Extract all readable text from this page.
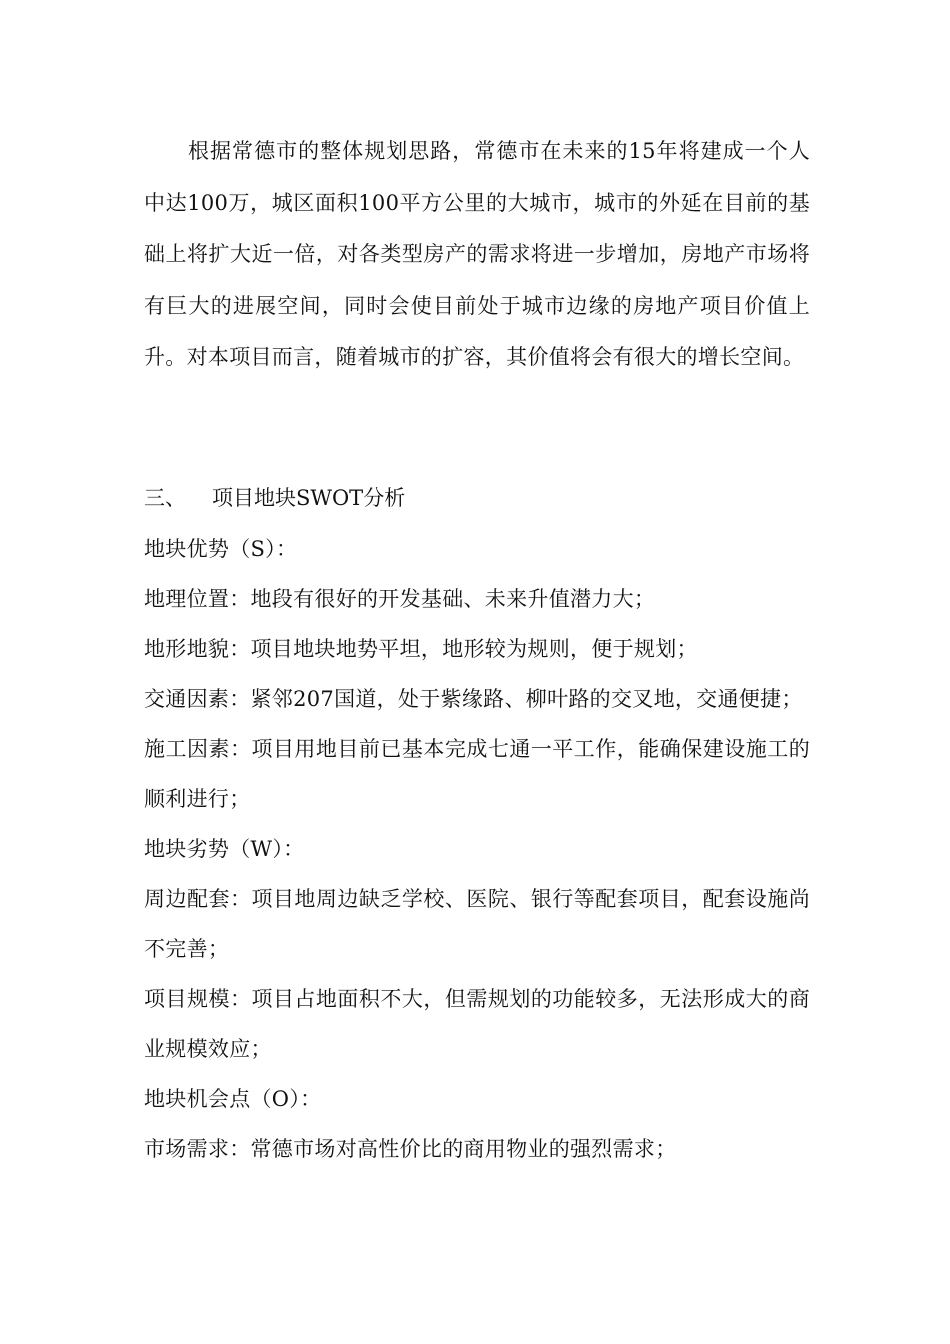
根据常德市的整体规划思路，常德市在未来的15年将建成一个人中达100万，城区面积100平方公里的大城市，城市的外延在目前的基础上将扩大近一倍，对各类型房产的需求将进一步增加，房地产市场将有巨大的进展空间，同时会使目前处于城市边缘的房地产项目价值上升。对本项目而言，随着城市的扩容，其价值将会有很大的增长空间。

三、 项目地块SWOT分析

地块优势（S）：
地理位置：地段有很好的开发基础、未来升值潜力大；
地形地貌：项目地块地势平坦，地形较为规则，便于规划；
交通因素：紧邻207国道，处于紫缘路、柳叶路的交叉地，交通便捷；
施工因素：项目用地目前已基本完成七通一平工作，能确保建设施工的顺利进行；
地块劣势（W）：
周边配套：项目地周边缺乏学校、医院、银行等配套项目，配套设施尚不完善；
项目规模：项目占地面积不大，但需规划的功能较多，无法形成大的商业规模效应；
地块机会点（O）：
市场需求：常德市场对高性价比的商用物业的强烈需求；
